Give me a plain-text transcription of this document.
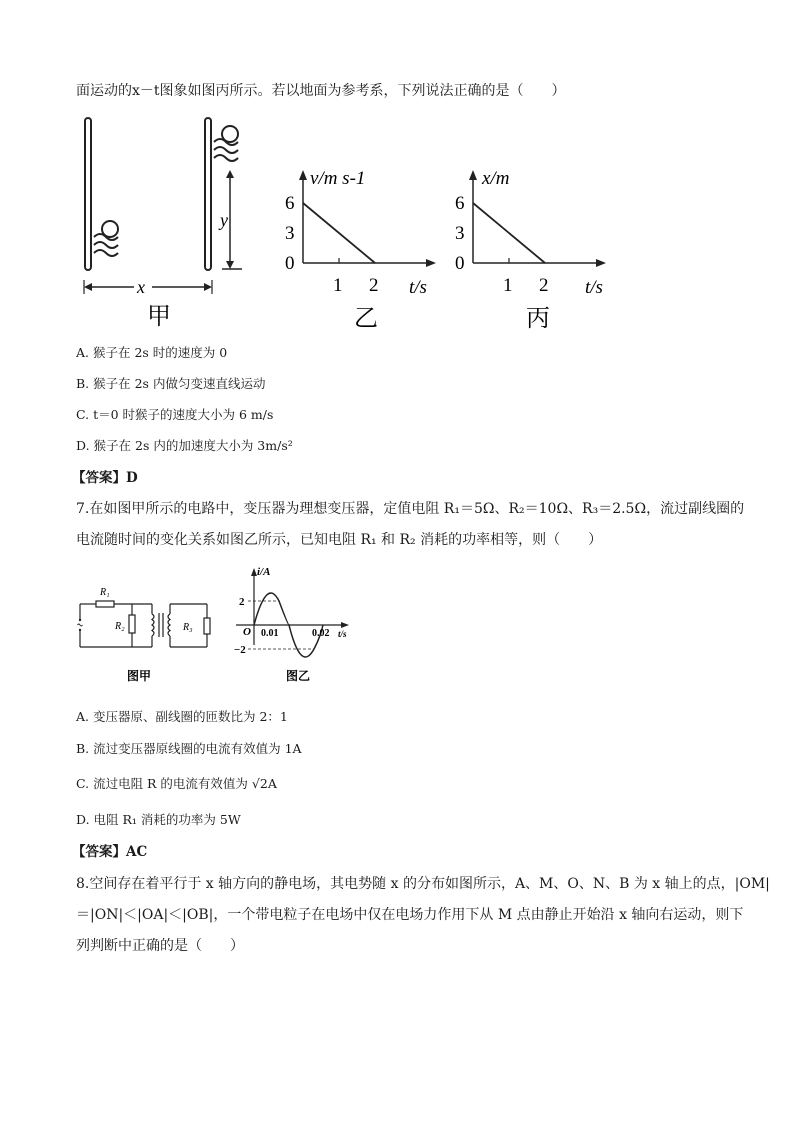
面运动的x－t图象如图丙所示。若以地面为参考系，下列说法正确的是（　　）
y
x
甲
v/m s-1
6
3
0
1 2 t/s
乙
x/m
6
3
0
1 2 t/s
丙
A. 猴子在 2s 时的速度为 0
B. 猴子在 2s 内做匀变速直线运动
C. t＝0 时猴子的速度大小为 6 m/s
D. 猴子在 2s 内的加速度大小为 3m/s²
【答案】D
7.在如图甲所示的电路中，变压器为理想变压器，定值电阻 R₁＝5Ω、R₂＝10Ω、R₃＝2.5Ω，流过副线圈的
电流随时间的变化关系如图乙所示，已知电阻 R₁ 和 R₂ 消耗的功率相等，则（　　）
R₁
R₂	R₃
图甲
i/A
2
−2
O 0.01	0.02 t/s
图乙
A. 变压器原、副线圈的匝数比为 2：1
B. 流过变压器原线圈的电流有效值为 1A
C. 流过电阻 R 的电流有效值为 √2A
D. 电阻 R₁ 消耗的功率为 5W
【答案】AC
8.空间存在着平行于 x 轴方向的静电场，其电势随 x 的分布如图所示，A、M、O、N、B 为 x 轴上的点，|OM|
＝|ON|＜|OA|＜|OB|，一个带电粒子在电场中仅在电场力作用下从 M 点由静止开始沿 x 轴向右运动，则下
列判断中正确的是（　　）
